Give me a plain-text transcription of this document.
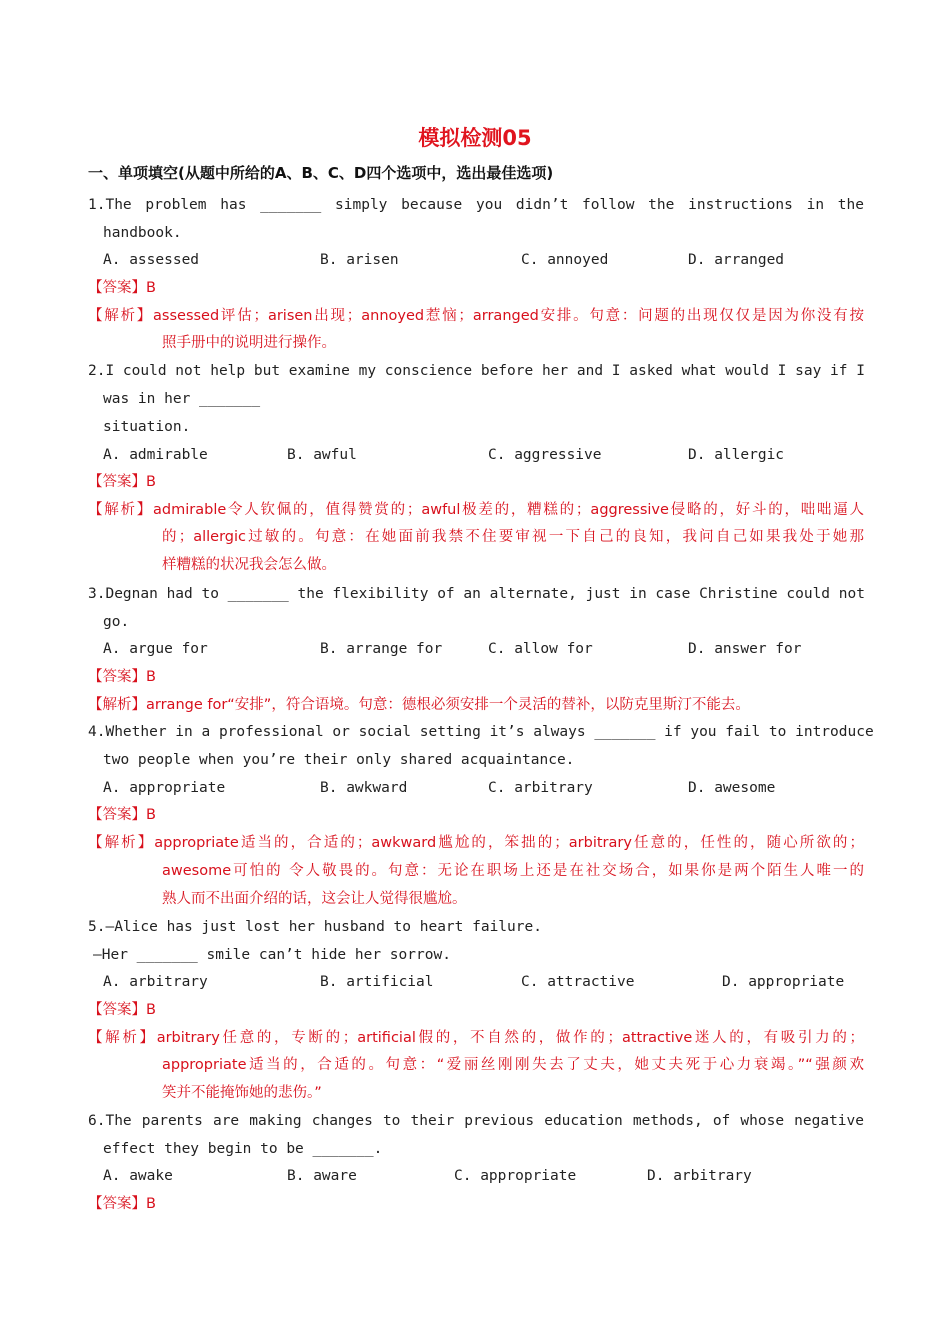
模拟检测05
一、单项填空(从题中所给的A、B、C、D四个选项中，选出最佳选项)
1.The problem has _______ simply because you didn’t follow the instructions in the
handbook.
A. assessed	B. arisen	C. annoyed	D. arranged
【答案】B
【解析】assessed评估；arisen出现；annoyed惹恼；arranged安排。句意：问题的出现仅仅是因为你没有按
照手册中的说明进行操作。
2.I could not help but examine my conscience before her and I asked what would I say if I
was in her _______
situation.
A. admirable	B. awful	C. aggressive	D. allergic
【答案】B
【解析】admirable令人钦佩的，值得赞赏的；awful极差的，糟糕的；aggressive侵略的，好斗的，咄咄逼人
的；allergic过敏的。句意：在她面前我禁不住要审视一下自己的良知，我问自己如果我处于她那
样糟糕的状况我会怎么做。
3.Degnan had to _______ the flexibility of an alternate, just in case Christine could not
go.
A. argue for	B. arrange for	C. allow for	D. answer for
【答案】B
【解析】arrange for“安排”，符合语境。句意：德根必须安排一个灵活的替补，以防克里斯汀不能去。
4.Whether in a professional or social setting it’s always _______ if you fail to introduce
two people when you’re their only shared acquaintance.
A. appropriate	B. awkward	C. arbitrary	D. awesome
【答案】B
【解析】appropriate适当的，合适的；awkward尴尬的，笨拙的；arbitrary任意的，任性的，随心所欲的；
awesome可怕的 令人敬畏的。句意：无论在职场上还是在社交场合，如果你是两个陌生人唯一的
熟人而不出面介绍的话，这会让人觉得很尴尬。
5.—Alice has just lost her husband to heart failure.
—Her _______ smile can’t hide her sorrow.
A. arbitrary	B. artificial	C. attractive	D. appropriate
【答案】B
【解析】arbitrary任意的，专断的；artificial假的，不自然的，做作的；attractive迷人的，有吸引力的；
appropriate适当的，合适的。句意：“爱丽丝刚刚失去了丈夫，她丈夫死于心力衰竭。”“强颜欢
笑并不能掩饰她的悲伤。”
6.The parents are making changes to their previous education methods, of whose negative
effect they begin to be _______.
A. awake	B. aware	C. appropriate	D. arbitrary
【答案】B
